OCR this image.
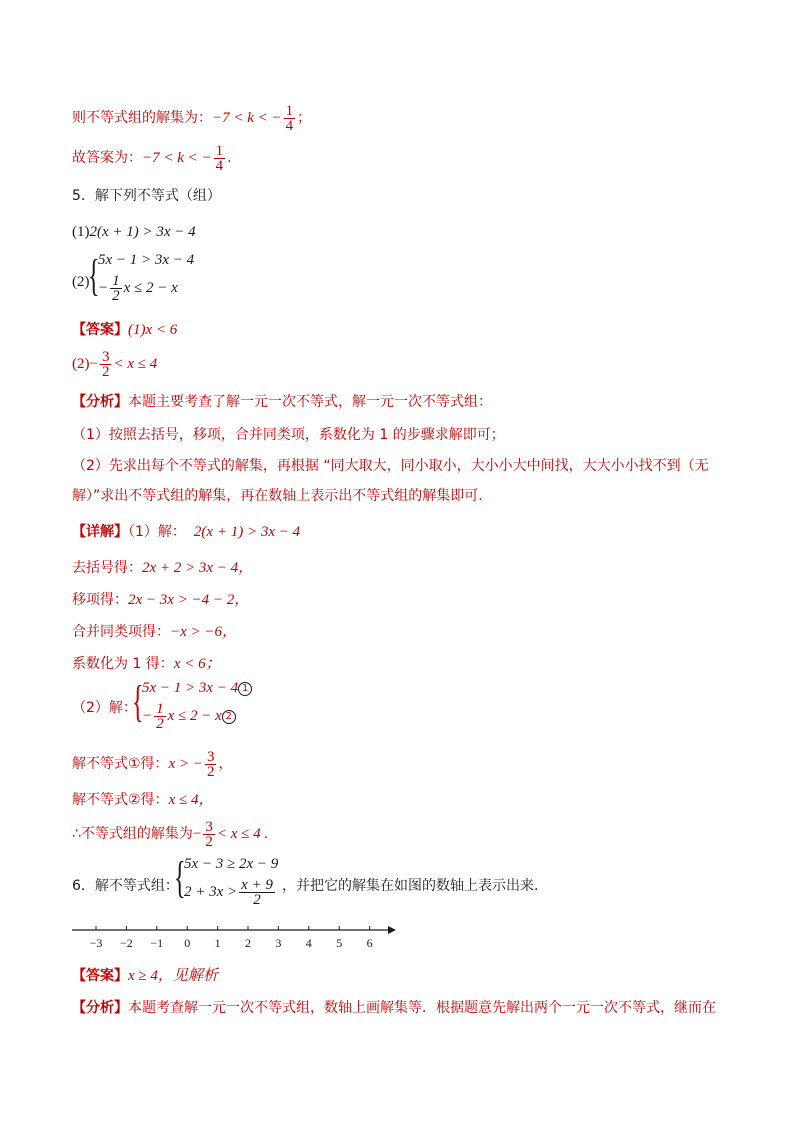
则不等式组的解集为：−7 < k < − $\frac{1}{4}$ ；
故答案为：−7 < k < − $\frac{1}{4}$ .
5．解下列不等式（组）
(1)2(x + 1) > 3x − 4
(2)
{
5x − 1 > 3x − 4
− $\frac{1}{2}$ x ≤ 2 − x
【答案】(1)x < 6
$(2)- \frac{3}{2} < x \le 4$
【分析】本题主要考查了解一元一次不等式，解一元一次不等式组：
（1）按照去括号，移项，合并同类项，系数化为 1 的步骤求解即可；
（2）先求出每个不等式的解集，再根据 “同大取大，同小取小，大小小大中间找，大大小小找不到（无
解）”求出不等式组的解集，再在数轴上表示出不等式组的解集即可.
【详解】（1）解： 2(x + 1) > 3x − 4
去括号得：2x + 2 > 3x − 4，
移项得：2x − 3x > −4 − 2，
合并同类项得：−x > −6，
系数化为 1 得：x < 6；
（2）解：
{
5x − 1 > 3x − 4 1
− $\frac{1}{2}$ x ≤ 2 − x 2
解不等式①得：x > − $\frac{3}{2}$ ，
解不等式②得：x ≤ 4，
∴不等式组的解集为− $\frac{3}{2} < x \le 4$ .
6．解不等式组：
{
5x − 3 ≥ 2x − 9
$2 + 3x > \frac{x + 9}{2}$ ，并把它的解集在如图的数轴上表示出来.
−3 −2 −1 0 1 2 3 4 5 6
【答案】x ≥ 4，见解析
【分析】本题考查解一元一次不等式组，数轴上画解集等．根据题意先解出两个一元一次不等式，继而在
